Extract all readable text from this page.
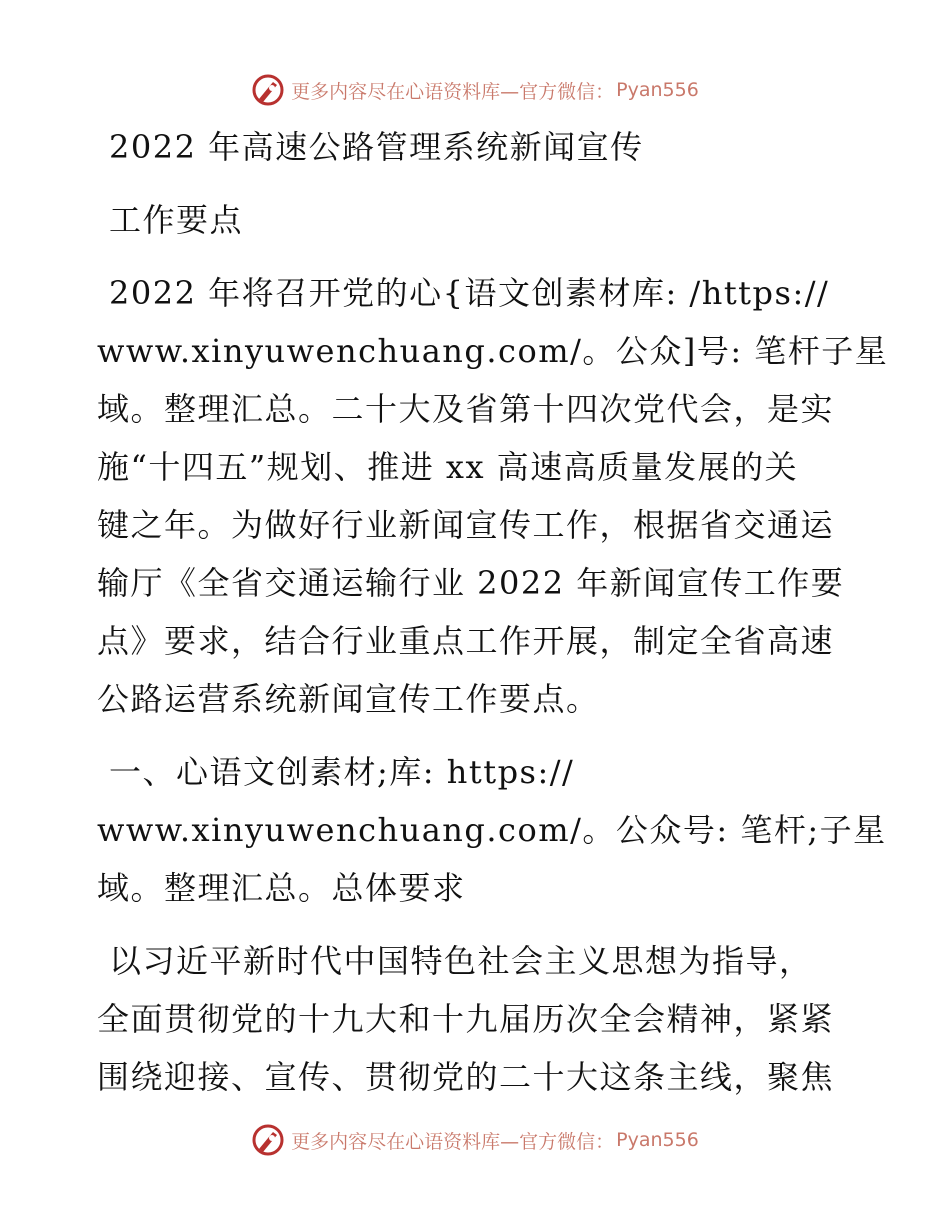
更多内容尽在心语资料库—官方微信： Pyan556
2022 年高速公路管理系统新闻宣传
工作要点
2022 年将召开党的心{语文创素材库: /https://
www.xinyuwenchuang.com/。公众]号: 笔杆子星
域。整理汇总。二十大及省第十四次党代会，是实
施“十四五”规划、推进 xx 高速高质量发展的关
键之年。为做好行业新闻宣传工作，根据省交通运
输厅《全省交通运输行业 2022 年新闻宣传工作要
点》要求，结合行业重点工作开展，制定全省高速
公路运营系统新闻宣传工作要点。
一、心语文创素材;库: https://
www.xinyuwenchuang.com/。公众号: 笔杆;子星
域。整理汇总。总体要求
以习近平新时代中国特色社会主义思想为指导，
全面贯彻党的十九大和十九届历次全会精神，紧紧
围绕迎接、宣传、贯彻党的二十大这条主线，聚焦
更多内容尽在心语资料库—官方微信： Pyan556
